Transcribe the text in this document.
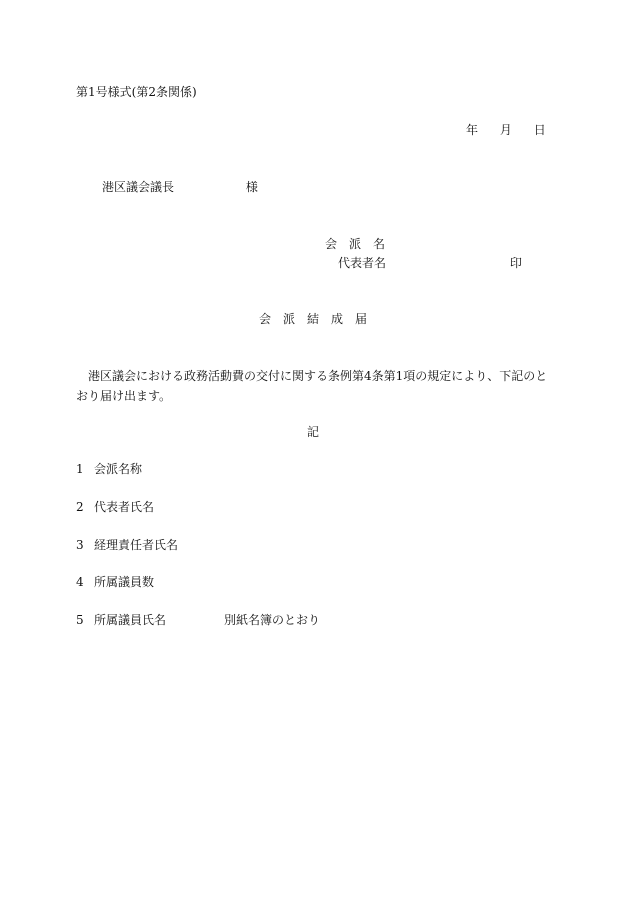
第1号様式(第2条関係)
年 月 日
港区議会議長	様
会　派　名
代表者名	印
会　派　結　成　届
港区議会における政務活動費の交付に関する条例第4条第1項の規定により、下記のとおり届け出ます。
記
1 会派名称
2 代表者氏名
3 経理責任者氏名
4 所属議員数
5 所属議員氏名	別紙名簿のとおり
